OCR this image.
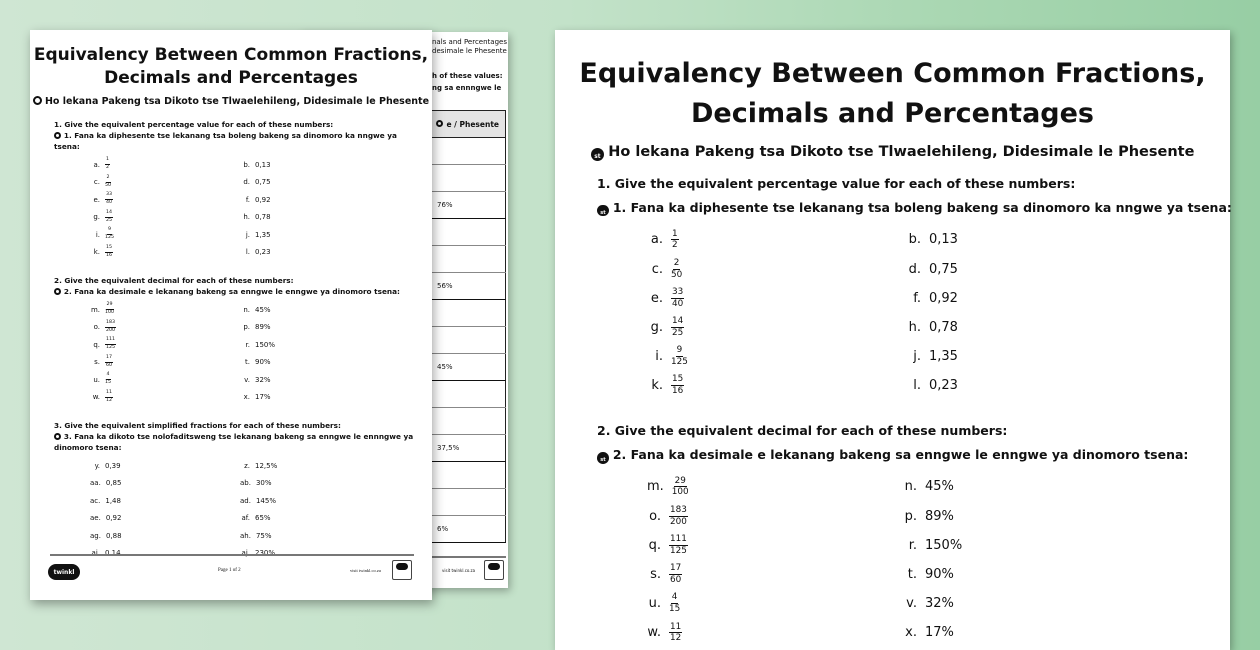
nals and Percentages
desimale le Phesente
h of these values:
ng sa ennngwe le
e / Phesente

76%

56%

45%

37,5%

6%
visit twinkl.co.za
Equivalency Between Common Fractions,
Decimals and Percentages
Ho lekana Pakeng tsa Dikoto tse Tlwaelehileng, Didesimale le Phesente
1. Give the equivalent percentage value for each of these numbers:
1. Fana ka diphesente tse lekanang tsa boleng bakeng sa dinomoro ka nngwe ya tsena:
a. $\frac{1}{2}$	b. 0,13
c. $\frac{2}{50}$	d. 0,75
e. $\frac{33}{40}$	f. 0,92
g. $\frac{14}{25}$	h. 0,78
i. $\frac{9}{125}$	j. 1,35
k. $\frac{15}{16}$	l. 0,23
2. Give the equivalent decimal for each of these numbers:
2. Fana ka desimale e lekanang bakeng sa enngwe le enngwe ya dinomoro tsena:
m. $\frac{29}{100}$	n. 45%
o. $\frac{183}{200}$	p. 89%
q. $\frac{111}{125}$	r. 150%
s. $\frac{17}{60}$	t. 90%
u. $\frac{4}{15}$	v. 32%
w. $\frac{11}{12}$	x. 17%
3. Give the equivalent simplified fractions for each of these numbers:
3. Fana ka dikoto tse nolofaditsweng tse lekanang bakeng sa enngwe le ennngwe ya dinomoro tsena:
y. 0,39	z. 12,5%
aa. 0,85	ab. 30%
ac. 1,48	ad. 145%
ae. 0,92	af. 65%
ag. 0,88	ah. 75%
twinkl	Page 1 of 2	visit twinkl.co.za
Equivalency Between Common Fractions,
Decimals and Percentages
st Ho lekana Pakeng tsa Dikoto tse Tlwaelehileng, Didesimale le Phesente
1. Give the equivalent percentage value for each of these numbers:
st 1. Fana ka diphesente tse lekanang tsa boleng bakeng sa dinomoro ka nngwe ya tsena:
a. $\frac{1}{2}$	b. 0,13
c. $\frac{2}{50}$	d. 0,75
e. $\frac{33}{40}$	f. 0,92
g. $\frac{14}{25}$	h. 0,78
i. $\frac{9}{125}$	j. 1,35
k. $\frac{15}{16}$	l. 0,23
2. Give the equivalent decimal for each of these numbers:
st 2. Fana ka desimale e lekanang bakeng sa enngwe le enngwe ya dinomoro tsena:
m. $\frac{29}{100}$	n. 45%
o. $\frac{183}{200}$	p. 89%
q. $\frac{111}{125}$	r. 150%
s. $\frac{17}{60}$	t. 90%
u. $\frac{4}{15}$	v. 32%
w. $\frac{11}{12}$	x. 17%
